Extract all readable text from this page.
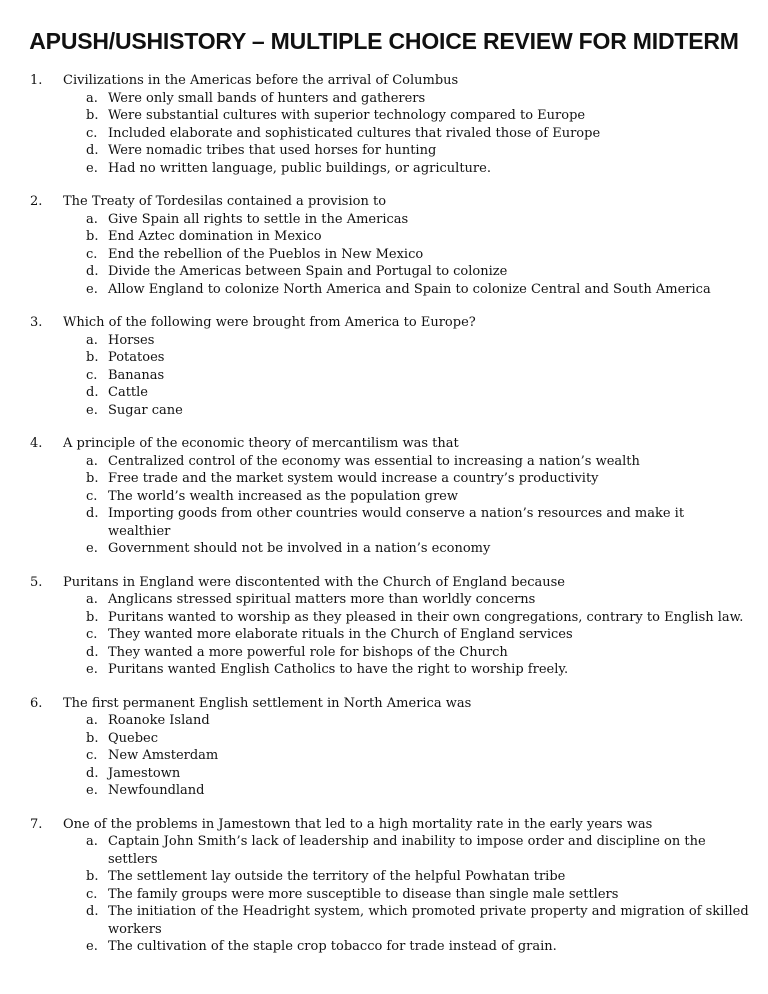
APUSH/USHISTORY – MULTIPLE CHOICE REVIEW FOR MIDTERM
1. Civilizations in the Americas before the arrival of Columbus
a. Were only small bands of hunters and gatherers
b. Were substantial cultures with superior technology compared to Europe
c. Included elaborate and sophisticated cultures that rivaled those of Europe
d. Were nomadic tribes that used horses for hunting
e. Had no written language, public buildings, or agriculture.
2. The Treaty of Tordesilas contained a provision to
a. Give Spain all rights to settle in the Americas
b. End Aztec domination in Mexico
c. End the rebellion of the Pueblos in New Mexico
d. Divide the Americas between Spain and Portugal to colonize
e. Allow England to colonize North America and Spain to colonize Central and South America
3. Which of the following were brought from America to Europe?
a. Horses
b. Potatoes
c. Bananas
d. Cattle
e. Sugar cane
4. A principle of the economic theory of mercantilism was that
a. Centralized control of the economy was essential to increasing a nation’s wealth
b. Free trade and the market system would increase a country’s productivity
c. The world’s wealth increased as the population grew
d. Importing goods from other countries would conserve a nation’s resources and make it wealthier
e. Government should not be involved in a nation’s economy
5. Puritans in England were discontented with the Church of England because
a. Anglicans stressed spiritual matters more than worldly concerns
b. Puritans wanted to worship as they pleased in their own congregations, contrary to English law.
c. They wanted more elaborate rituals in the Church of England services
d. They wanted a more powerful role for bishops of the Church
e. Puritans wanted English Catholics to have the right to worship freely.
6. The first permanent English settlement in North America was
a. Roanoke Island
b. Quebec
c. New Amsterdam
d. Jamestown
e. Newfoundland
7. One of the problems in Jamestown that led to a high mortality rate in the early years was
a. Captain John Smith’s lack of leadership and inability to impose order and discipline on the settlers
b. The settlement lay outside the territory of the helpful Powhatan tribe
c. The family groups were more susceptible to disease than single male settlers
d. The initiation of the Headright system, which promoted private property and migration of skilled workers
e. The cultivation of the staple crop tobacco for trade instead of grain.
